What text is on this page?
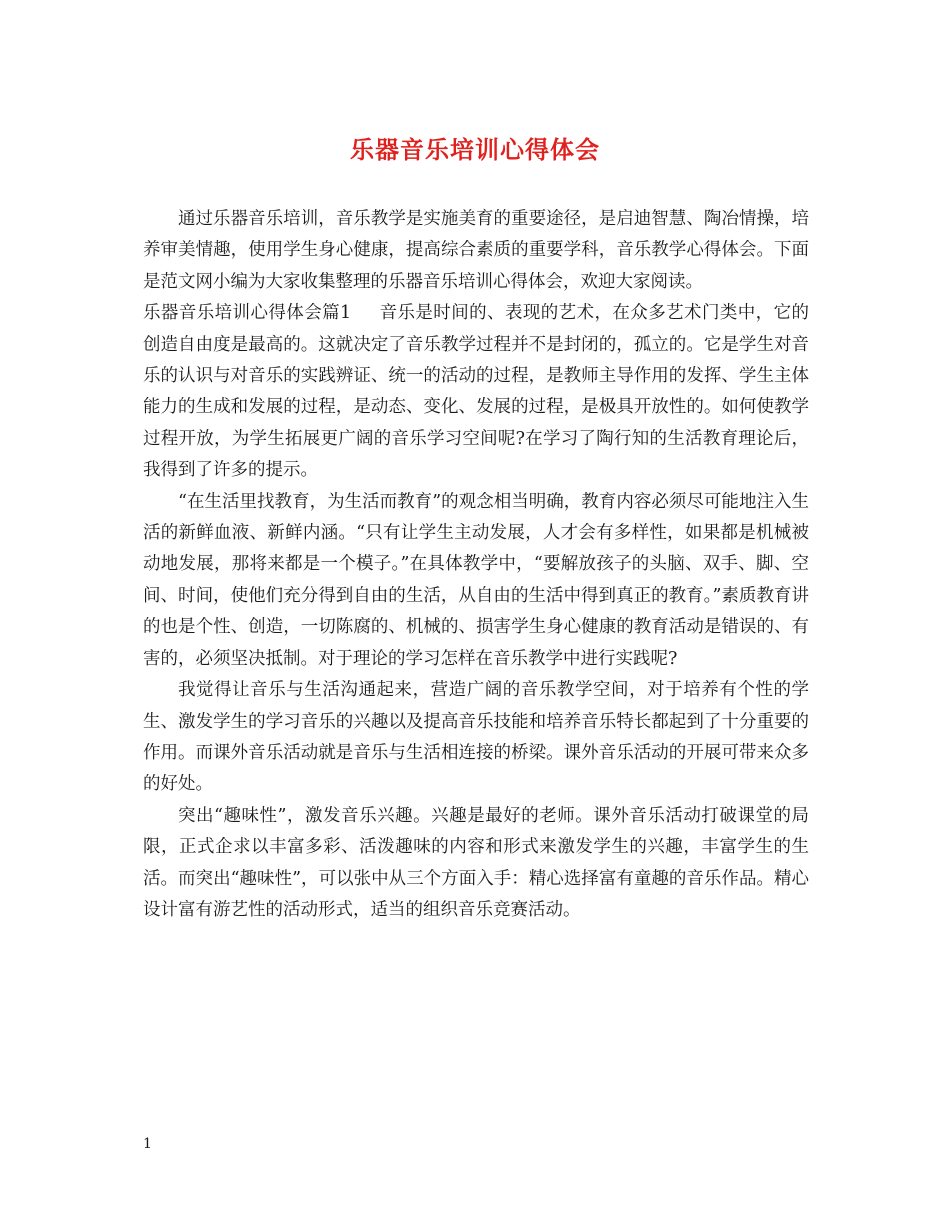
乐器音乐培训心得体会

通过乐器音乐培训，音乐教学是实施美育的重要途径，是启迪智慧、陶冶情操，培养审美情趣，使用学生身心健康，提高综合素质的重要学科，音乐教学心得体会。下面是范文网小编为大家收集整理的乐器音乐培训心得体会，欢迎大家阅读。

乐器音乐培训心得体会篇1 音乐是时间的、表现的艺术，在众多艺术门类中，它的创造自由度是最高的。这就决定了音乐教学过程并不是封闭的，孤立的。它是学生对音乐的认识与对音乐的实践辨证、统一的活动的过程，是教师主导作用的发挥、学生主体能力的生成和发展的过程，是动态、变化、发展的过程，是极具开放性的。如何使教学过程开放，为学生拓展更广阔的音乐学习空间呢?在学习了陶行知的生活教育理论后，我得到了许多的提示。

“在生活里找教育，为生活而教育”的观念相当明确，教育内容必须尽可能地注入生活的新鲜血液、新鲜内涵。“只有让学生主动发展，人才会有多样性，如果都是机械被动地发展，那将来都是一个模子。”在具体教学中，“要解放孩子的头脑、双手、脚、空间、时间，使他们充分得到自由的生活，从自由的生活中得到真正的教育。”素质教育讲的也是个性、创造，一切陈腐的、机械的、损害学生身心健康的教育活动是错误的、有害的，必须坚决抵制。对于理论的学习怎样在音乐教学中进行实践呢?

我觉得让音乐与生活沟通起来，营造广阔的音乐教学空间，对于培养有个性的学生、激发学生的学习音乐的兴趣以及提高音乐技能和培养音乐特长都起到了十分重要的作用。而课外音乐活动就是音乐与生活相连接的桥梁。课外音乐活动的开展可带来众多的好处。

突出“趣味性”，激发音乐兴趣。兴趣是最好的老师。课外音乐活动打破课堂的局限，正式企求以丰富多彩、活泼趣味的内容和形式来激发学生的兴趣，丰富学生的生活。而突出“趣味性”，可以张中从三个方面入手：精心选择富有童趣的音乐作品。精心设计富有游艺性的活动形式，适当的组织音乐竞赛活动。

1
